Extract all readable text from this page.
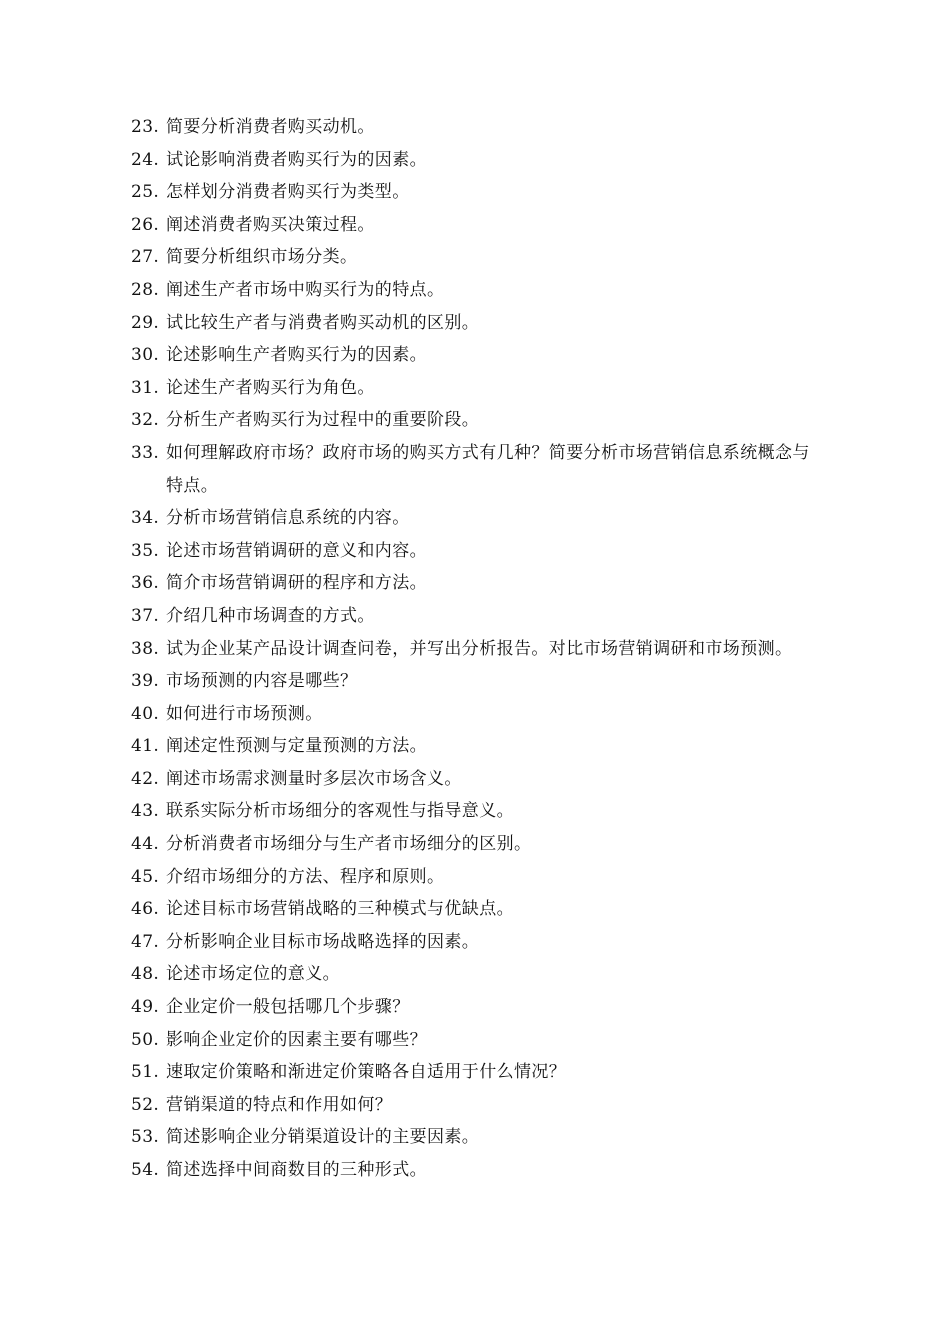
23. 简要分析消费者购买动机。
24. 试论影响消费者购买行为的因素。
25. 怎样划分消费者购买行为类型。
26. 阐述消费者购买决策过程。
27. 简要分析组织市场分类。
28. 阐述生产者市场中购买行为的特点。
29. 试比较生产者与消费者购买动机的区别。
30. 论述影响生产者购买行为的因素。
31. 论述生产者购买行为角色。
32. 分析生产者购买行为过程中的重要阶段。
33. 如何理解政府市场？政府市场的购买方式有几种？简要分析市场营销信息系统概念与特点。
34. 分析市场营销信息系统的内容。
35. 论述市场营销调研的意义和内容。
36. 简介市场营销调研的程序和方法。
37. 介绍几种市场调查的方式。
38. 试为企业某产品设计调查问卷，并写出分析报告。对比市场营销调研和市场预测。
39. 市场预测的内容是哪些？
40. 如何进行市场预测。
41. 阐述定性预测与定量预测的方法。
42. 阐述市场需求测量时多层次市场含义。
43. 联系实际分析市场细分的客观性与指导意义。
44. 分析消费者市场细分与生产者市场细分的区别。
45. 介绍市场细分的方法、程序和原则。
46. 论述目标市场营销战略的三种模式与优缺点。
47. 分析影响企业目标市场战略选择的因素。
48. 论述市场定位的意义。
49. 企业定价一般包括哪几个步骤？
50. 影响企业定价的因素主要有哪些？
51. 速取定价策略和渐进定价策略各自适用于什么情况？
52. 营销渠道的特点和作用如何？
53. 简述影响企业分销渠道设计的主要因素。
54. 简述选择中间商数目的三种形式。
